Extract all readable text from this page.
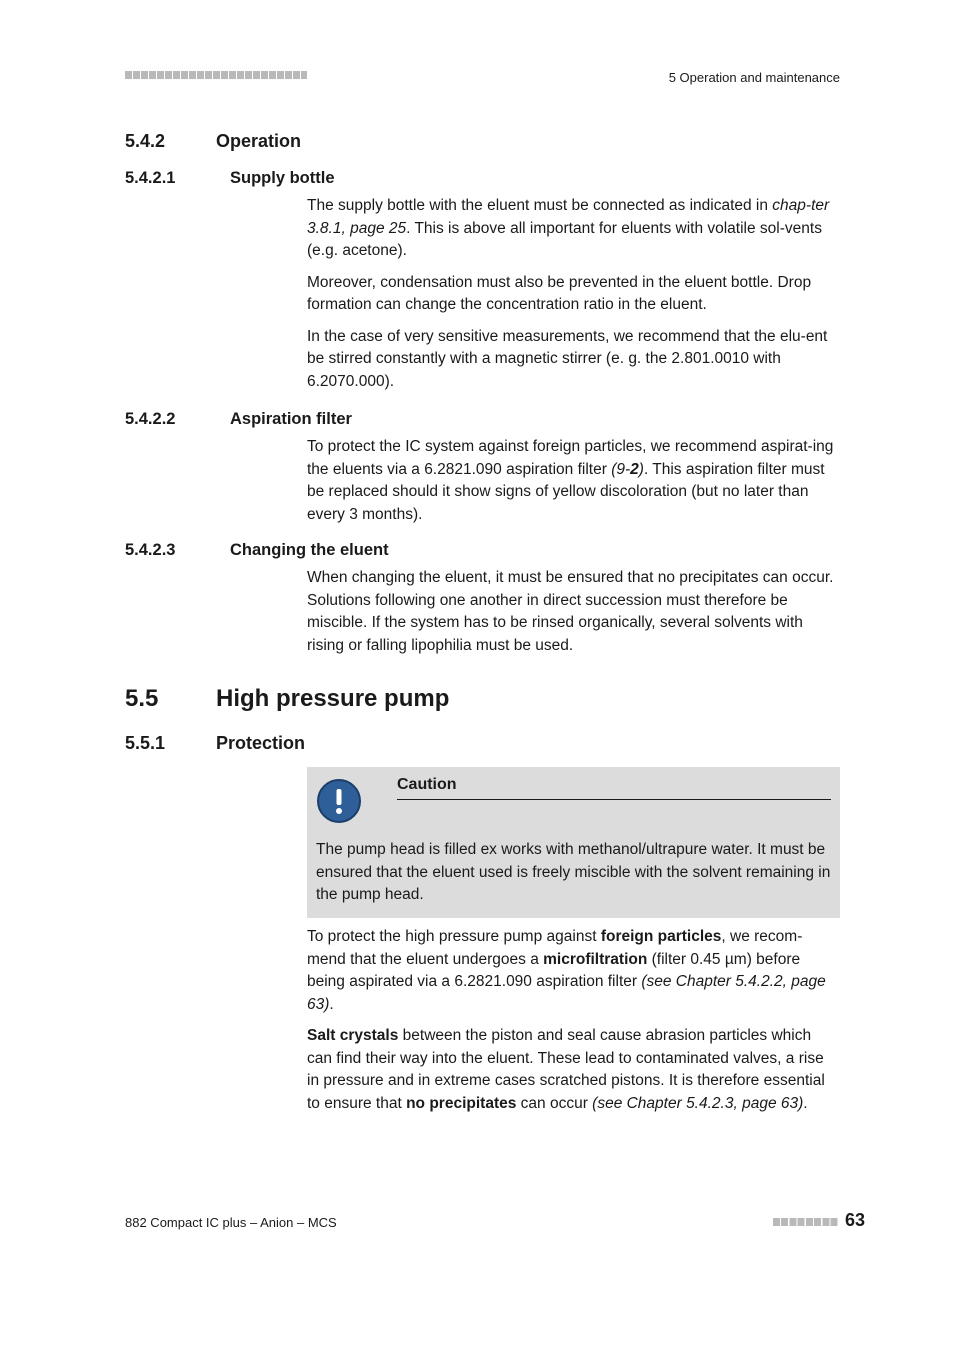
5 Operation and maintenance
5.4.2	Operation
5.4.2.1	Supply bottle

The supply bottle with the eluent must be connected as indicated in chap-ter 3.8.1, page 25. This is above all important for eluents with volatile sol-vents (e.g. acetone).

Moreover, condensation must also be prevented in the eluent bottle. Drop formation can change the concentration ratio in the eluent.

In the case of very sensitive measurements, we recommend that the elu-ent be stirred constantly with a magnetic stirrer (e. g. the 2.801.0010 with 6.2070.000).

5.4.2.2	Aspiration filter

To protect the IC system against foreign particles, we recommend aspirat-ing the eluents via a 6.2821.090 aspiration filter (9-2). This aspiration filter must be replaced should it show signs of yellow discoloration (but no later than every 3 months).

5.4.2.3	Changing the eluent

When changing the eluent, it must be ensured that no precipitates can occur. Solutions following one another in direct succession must therefore be miscible. If the system has to be rinsed organically, several solvents with rising or falling lipophilia must be used.

5.5 High pressure pump
5.5.1	Protection
Caution
The pump head is filled ex works with methanol/ultrapure water. It must be ensured that the eluent used is freely miscible with the solvent remaining in the pump head.

To protect the high pressure pump against foreign particles, we recom-mend that the eluent undergoes a microfiltration (filter 0.45 µm) before being aspirated via a 6.2821.090 aspiration filter (see Chapter 5.4.2.2, page 63).

Salt crystals between the piston and seal cause abrasion particles which can find their way into the eluent. These lead to contaminated valves, a rise in pressure and in extreme cases scratched pistons. It is therefore essential to ensure that no precipitates can occur (see Chapter 5.4.2.3, page 63).

882 Compact IC plus – Anion – MCS	63
